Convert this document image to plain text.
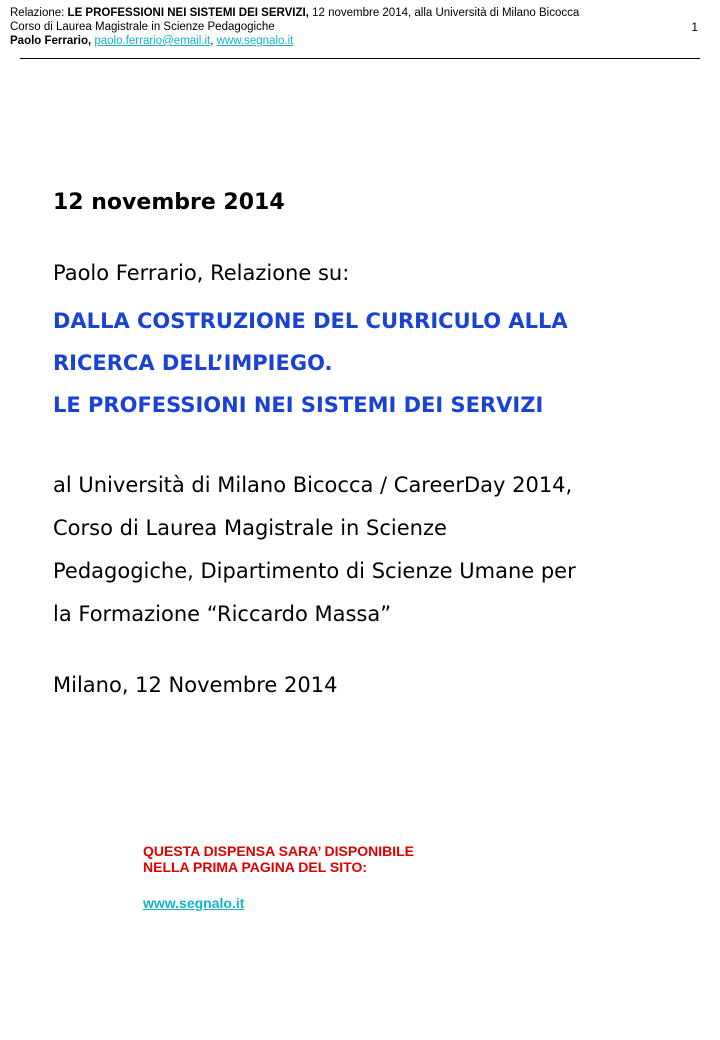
Relazione: LE PROFESSIONI NEI SISTEMI DEI SERVIZI, 12 novembre 2014, alla Università di Milano Bicocca
Corso di Laurea Magistrale in Scienze Pedagogiche
Paolo Ferrario, paolo.ferrario@email.it, www.segnalo.it
1

12 novembre 2014

Paolo Ferrario, Relazione su:
DALLA COSTRUZIONE DEL CURRICULO ALLA
RICERCA DELL’IMPIEGO.
LE PROFESSIONI NEI SISTEMI DEI SERVIZI
al Università di Milano Bicocca / CareerDay 2014,
Corso di Laurea Magistrale in Scienze
Pedagogiche, Dipartimento di Scienze Umane per
la Formazione “Riccardo Massa”
Milano, 12 Novembre 2014
QUESTA DISPENSA SARA’ DISPONIBILE
NELLA PRIMA PAGINA DEL SITO:
www.segnalo.it
